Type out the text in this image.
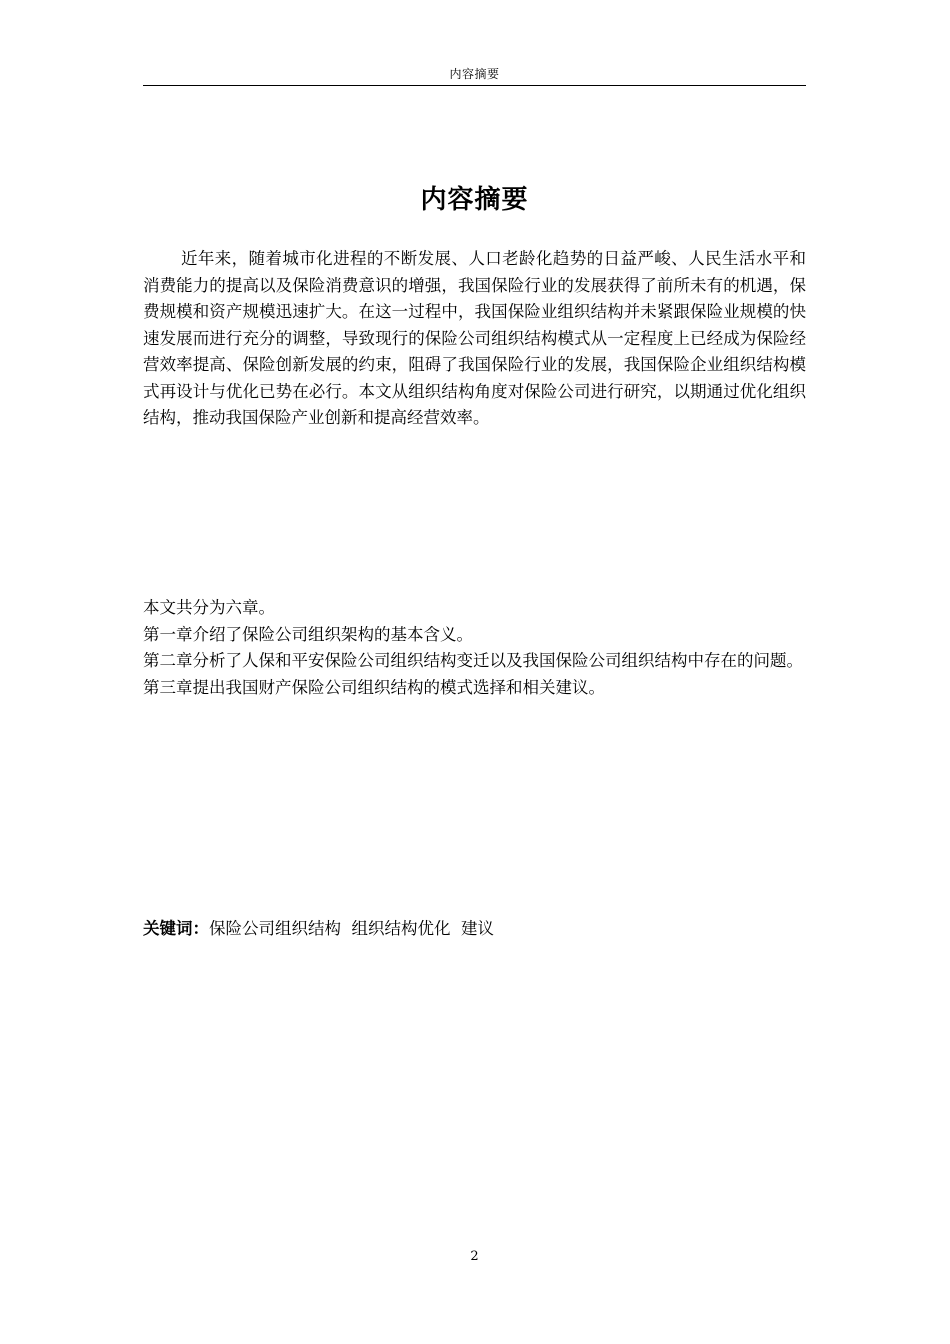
内容摘要
内容摘要

近年来，随着城市化进程的不断发展、人口老龄化趋势的日益严峻、人民生活水平和消费能力的提高以及保险消费意识的增强，我国保险行业的发展获得了前所未有的机遇，保费规模和资产规模迅速扩大。在这一过程中，我国保险业组织结构并未紧跟保险业规模的快速发展而进行充分的调整，导致现行的保险公司组织结构模式从一定程度上已经成为保险经营效率提高、保险创新发展的约束，阻碍了我国保险行业的发展，我国保险企业组织结构模式再设计与优化已势在必行。本文从组织结构角度对保险公司进行研究，以期通过优化组织结构，推动我国保险产业创新和提高经营效率。

本文共分为六章。
第一章介绍了保险公司组织架构的基本含义。
第二章分析了人保和平安保险公司组织结构变迁以及我国保险公司组织结构中存在的问题。
第三章提出我国财产保险公司组织结构的模式选择和相关建议。

关键词：保险公司组织结构  组织结构优化  建议

2
